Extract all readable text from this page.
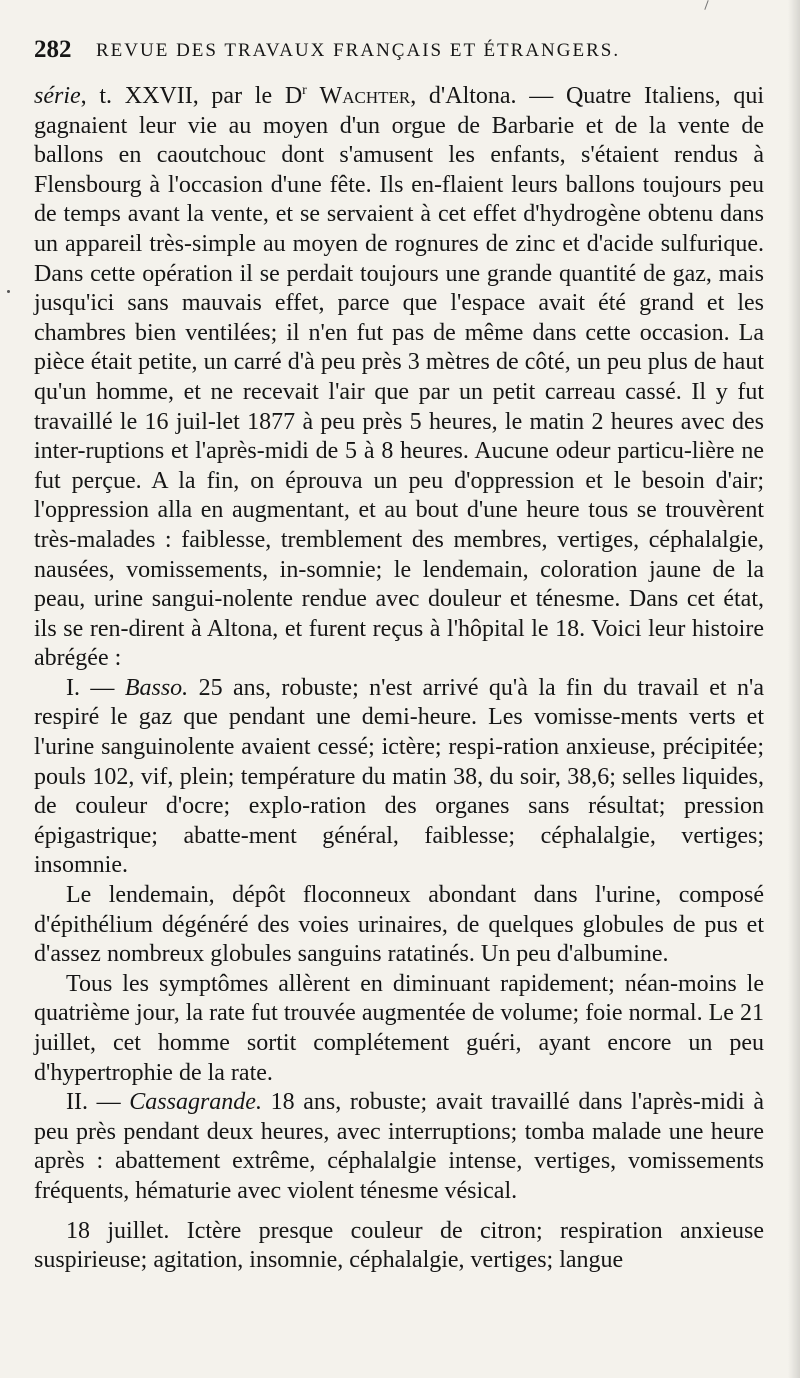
282 REVUE DES TRAVAUX FRANÇAIS ET ÉTRANGERS.

série, t. XXVII, par le $D^r$ Wachter, d'Altona. — Quatre Italiens, qui gagnaient leur vie au moyen d'un orgue de Barbarie et de la vente de ballons en caoutchouc dont s'amusent les enfants, s'étaient rendus à Flensbourg à l'occasion d'une fête. Ils en-flaient leurs ballons toujours peu de temps avant la vente, et se servaient à cet effet d'hydrogène obtenu dans un appareil très-simple au moyen de rognures de zinc et d'acide sulfurique. Dans cette opération il se perdait toujours une grande quantité de gaz, mais jusqu'ici sans mauvais effet, parce que l'espace avait été grand et les chambres bien ventilées; il n'en fut pas de même dans cette occasion. La pièce était petite, un carré d'à peu près 3 mètres de côté, un peu plus de haut qu'un homme, et ne recevait l'air que par un petit carreau cassé. Il y fut travaillé le 16 juil-let 1877 à peu près 5 heures, le matin 2 heures avec des inter-ruptions et l'après-midi de 5 à 8 heures. Aucune odeur particu-lière ne fut perçue. A la fin, on éprouva un peu d'oppression et le besoin d'air; l'oppression alla en augmentant, et au bout d'une heure tous se trouvèrent très-malades : faiblesse, tremblement des membres, vertiges, céphalalgie, nausées, vomissements, in-somnie; le lendemain, coloration jaune de la peau, urine sangui-nolente rendue avec douleur et ténesme. Dans cet état, ils se ren-dirent à Altona, et furent reçus à l'hôpital le 18. Voici leur histoire abrégée :

I. — Basso. 25 ans, robuste; n'est arrivé qu'à la fin du travail et n'a respiré le gaz que pendant une demi-heure. Les vomisse-ments verts et l'urine sanguinolente avaient cessé; ictère; respi-ration anxieuse, précipitée; pouls 102, vif, plein; température du matin 38, du soir, 38,6; selles liquides, de couleur d'ocre; explo-ration des organes sans résultat; pression épigastrique; abatte-ment général, faiblesse; céphalalgie, vertiges; insomnie.

Le lendemain, dépôt floconneux abondant dans l'urine, composé d'épithélium dégénéré des voies urinaires, de quelques globules de pus et d'assez nombreux globules sanguins ratatinés. Un peu d'albumine.

Tous les symptômes allèrent en diminuant rapidement; néan-moins le quatrième jour, la rate fut trouvée augmentée de volume; foie normal. Le 21 juillet, cet homme sortit complétement guéri, ayant encore un peu d'hypertrophie de la rate.

II. — Cassagrande. 18 ans, robuste; avait travaillé dans l'après-midi à peu près pendant deux heures, avec interruptions; tomba malade une heure après : abattement extrême, céphalalgie intense, vertiges, vomissements fréquents, hématurie avec violent ténesme vésical.

18 juillet. Ictère presque couleur de citron; respiration anxieuse suspirieuse; agitation, insomnie, céphalalgie, vertiges; langue
